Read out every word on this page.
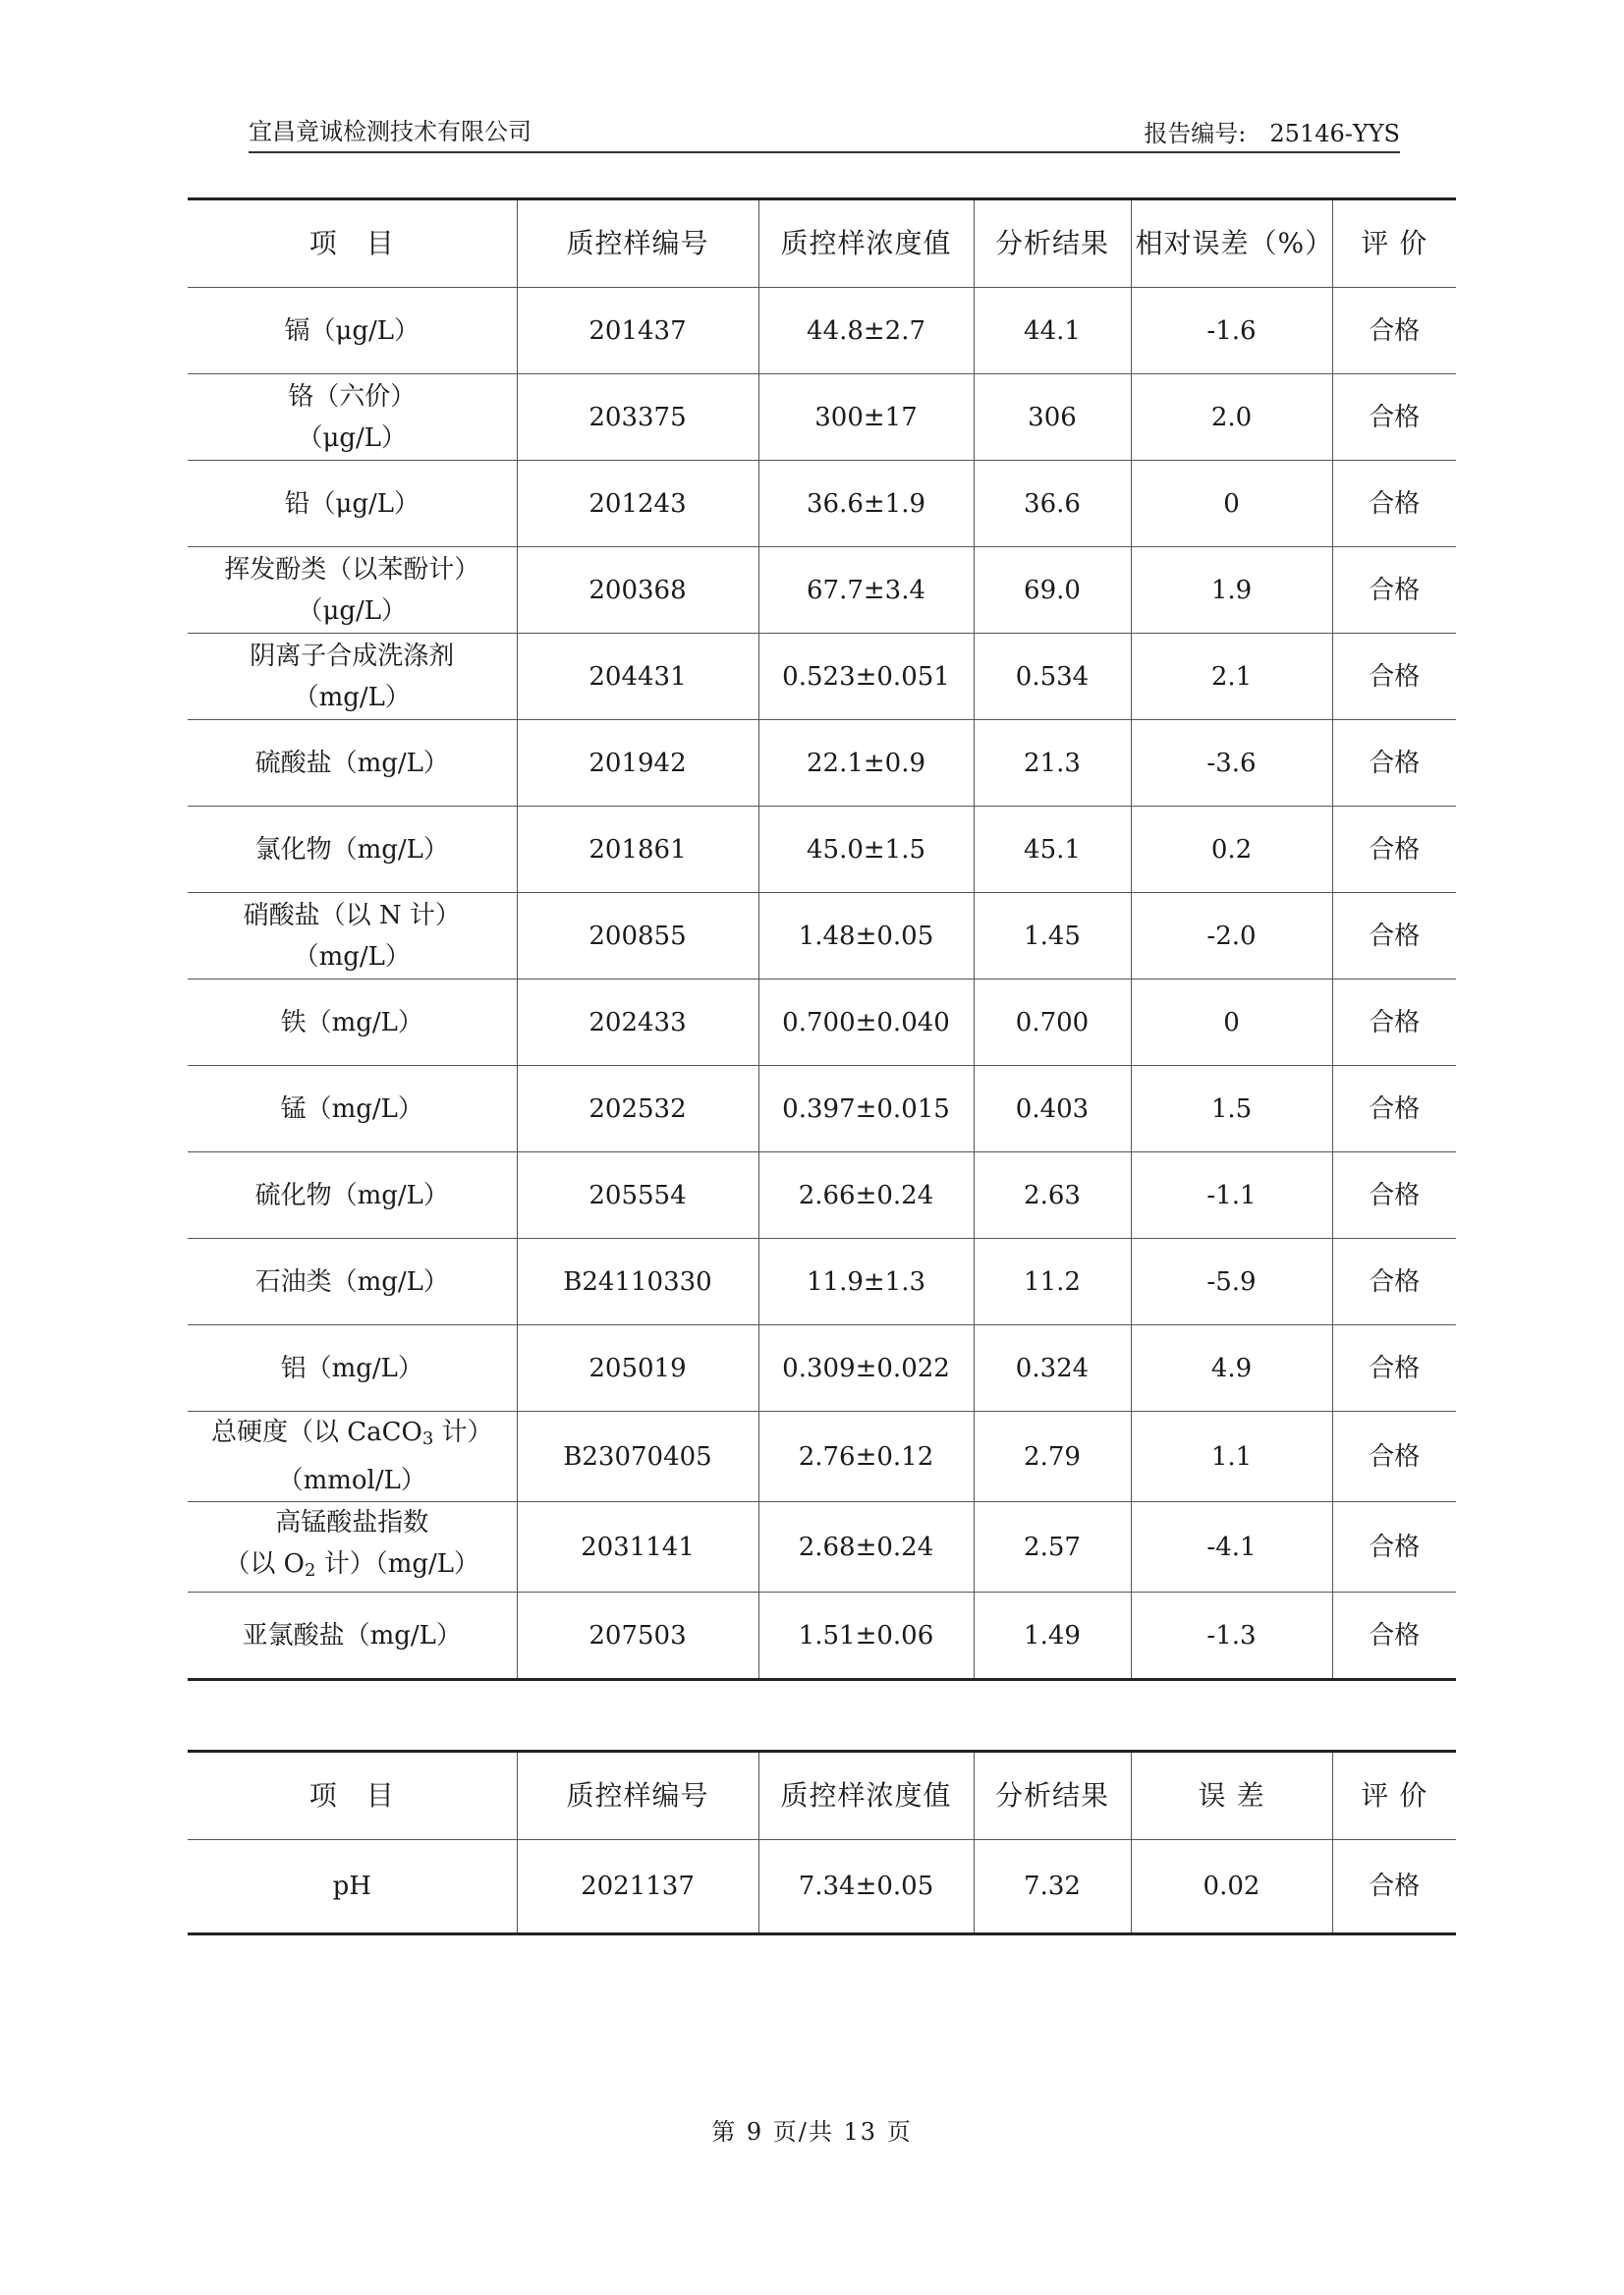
宜昌竟诚检测技术有限公司	报告编号: 25146-YYS
项　目	质控样编号	质控样浓度值	分析结果	相对误差（%）	评 价
镉（μg/L）	201437	44.8±2.7	44.1	-1.6	合格
铬（六价）
（μg/L）	203375	300±17	306	2.0	合格
铅（μg/L）	201243	36.6±1.9	36.6	0	合格
挥发酚类（以苯酚计）
（μg/L）	200368	67.7±3.4	69.0	1.9	合格
阴离子合成洗涤剂
（mg/L）	204431	0.523±0.051	0.534	2.1	合格
硫酸盐（mg/L）	201942	22.1±0.9	21.3	-3.6	合格
氯化物（mg/L）	201861	45.0±1.5	45.1	0.2	合格
硝酸盐（以 N 计）
（mg/L）	200855	1.48±0.05	1.45	-2.0	合格
铁（mg/L）	202433	0.700±0.040	0.700	0	合格
锰（mg/L）	202532	0.397±0.015	0.403	1.5	合格
硫化物（mg/L）	205554	2.66±0.24	2.63	-1.1	合格
石油类（mg/L）	B24110330	11.9±1.3	11.2	-5.9	合格
铝（mg/L）	205019	0.309±0.022	0.324	4.9	合格
总硬度（以 CaCO$_3$ 计）
（mmol/L）	B23070405	2.76±0.12	2.79	1.1	合格
高锰酸盐指数
（以 $O_2$ 计）（mg/L）	2031141	2.68±0.24	2.57	-4.1	合格
亚氯酸盐（mg/L）	207503	1.51±0.06	1.49	-1.3	合格
项　目	质控样编号	质控样浓度值	分析结果	误 差	评 价
pH	2021137	7.34±0.05	7.32	0.02	合格
第 9 页/共 13 页
